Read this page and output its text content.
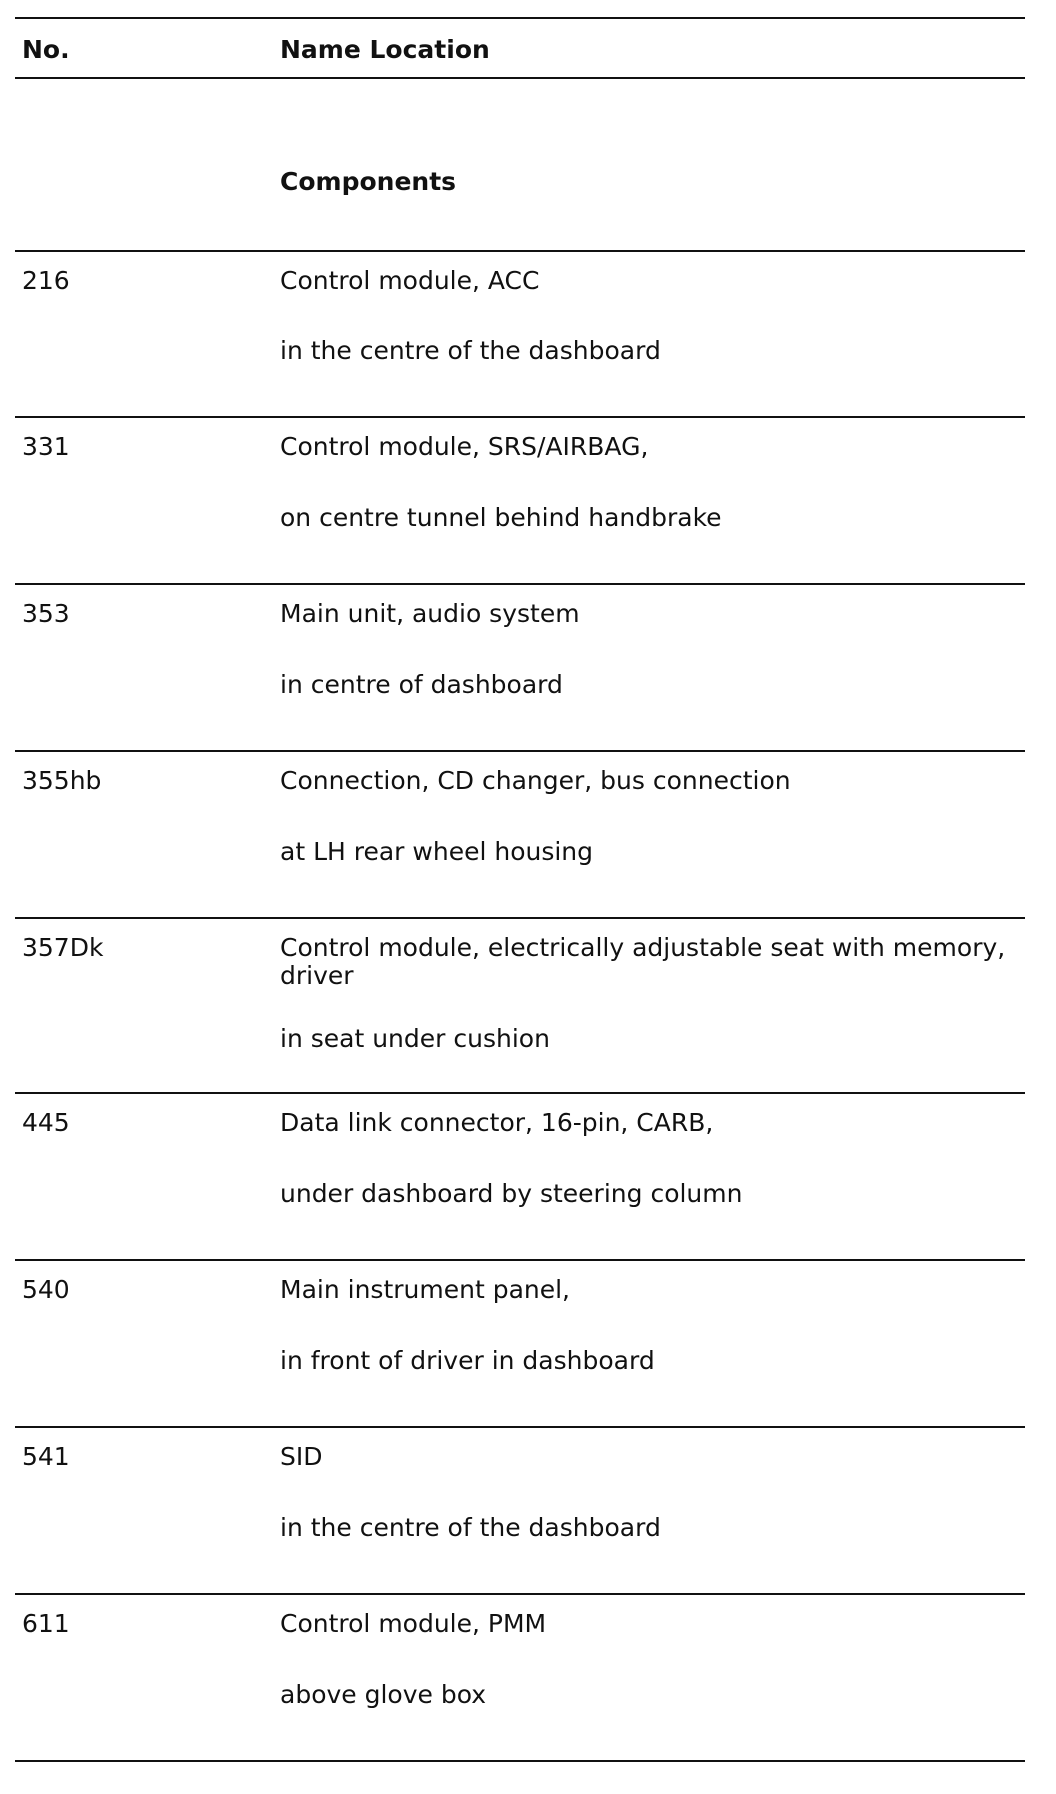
No.	Name Location
Components
216	Control module, ACC
in the centre of the dashboard
331	Control module, SRS/AIRBAG,
on centre tunnel behind handbrake
353	Main unit, audio system
in centre of dashboard
355hb	Connection, CD changer, bus connection
at LH rear wheel housing
357Dk	Control module, electrically adjustable seat with memory, driver
in seat under cushion
445	Data link connector, 16-pin, CARB,
under dashboard by steering column
540	Main instrument panel,
in front of driver in dashboard
541	SID
in the centre of the dashboard
611	Control module, PMM
above glove box
